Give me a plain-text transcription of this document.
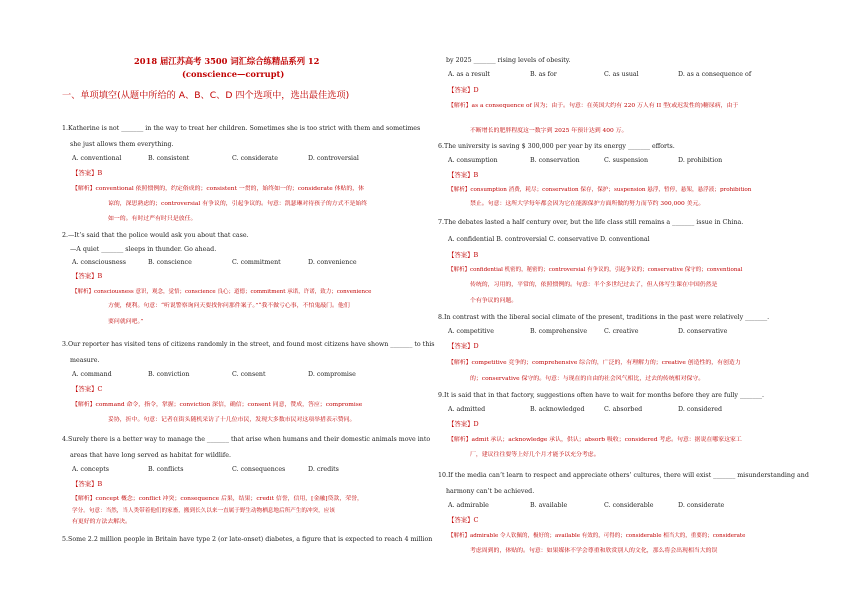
2018 届江苏高考 3500 词汇综合练精品系列 12
(conscience—corrupt)
一、单项填空(从题中所给的 A、B、C、D 四个选项中，选出最佳选项)
1.Katherine is not _______ in the way to treat her children. Sometimes she is too strict with them and sometimes
she just allows them everything.
A. conventional	B. consistent	C. considerate	D. controversial
【答案】B
【解析】conventional 依照惯例的，约定俗成的；consistent 一贯的，始终如一的；considerate 体贴的，体
谅的，深思熟虑的；controversial 有争议的，引起争议的。句意：凯瑟琳对待孩子的方式不是始终
如一的。有时过严有时只是放任。
2.—It’s said that the police would ask you about that case.
—A quiet _______ sleeps in thunder. Go ahead.
A. consciousness	B. conscience	C. commitment	D. convenience
【答案】B
【解析】consciousness 意识，观念，觉悟；conscience 良心；道德；commitment 承诺，许诺，致力；convenience
方便，便利。句意：“听说警察询问天要找你问那件案子。”“我不做亏心事，不怕鬼敲门。他们
要问就问吧。”
3.Our reporter has visited tens of citizens randomly in the street, and found most citizens have shown _______ to this
measure.
A. command	B. conviction	C. consent	D. compromise
【答案】C
【解析】command 命令，指令，掌握；conviction 深信，确信；consent 同意，赞成，答应；compromise
妥协，折中。句意：记者在街头随机采访了十几位市民，发现大多数市民对这项举措表示赞同。
4.Surely there is a better way to manage the _______ that arise when humans and their domestic animals move into
areas that have long served as habitat for wildlife.
A. concepts	B. conflicts	C. consequences	D. credits
【答案】B
【解析】concept 概念；conflict 冲突；consequence 后果，结果；credit 信誉，信用，[金融]贷款，荣誉，
学分。句意：当然，当人类带着他们的家畜，搬到长久以来一直属于野生动物栖息地后所产生的冲突，应该
有更好的方法去解决。
5.Some 2.2 million people in Britain have type 2 (or late-onset) diabetes, a figure that is expected to reach 4 million
by 2025 _______ rising levels of obesity.
A. as a result	B. as for	C. as usual	D. as a consequence of
【答案】D
【解析】as a consequence of 因为；由于。句意：在英国大约有 220 万人有 II 型(或迟发性的)糖尿病，由于
不断增长的肥胖程度这一数字到 2025 年预计达到 400 万。
6.The university is saving $ 300,000 per year by its energy _______ efforts.
A. consumption	B. conservation	C. suspension	D. prohibition
【答案】B
【解析】consumption 消费，耗尽；conservation 保存，保护；suspension 悬浮，暂停，悬架，悬浮液；prohibition
禁止。句意：这所大学每年都会因为它在能源保护方面所做的努力而节约 300,000 美元。
7.The debates lasted a half century over, but the life class still remains a _______ issue in China.
A. confidential B. controversial C. conservative D. conventional
【答案】B
【解析】confidential 机密的，秘密的；controversial 有争议的，引起争议的；conservative 保守的；conventional
传统的，习用的，平常的，依照惯例的。句意：半个多世纪过去了，但人体写生课在中国仍然是
个有争议的问题。
8.In contrast with the liberal social climate of the present, traditions in the past were relatively _______.
A. competitive	B. comprehensive	C. creative	D. conservative
【答案】D
【解析】competitive 竞争的；comprehensive 综合的，广泛的，有理解力的；creative 创造性的，有创造力
的；conservative 保守的。句意：与现在的自由的社会风气相比，过去的传统相对保守。
9.It is said that in that factory, suggestions often have to wait for months before they are fully _______.
A. admitted	B. acknowledged	C. absorbed	D. considered
【答案】D
【解析】admit 承认；acknowledge 承认，供认；absorb 吸收；considered 考虑。句意：据说在哪家这家工
厂，建议往往要等上好几个月才能予以充分考虑。
10.If the media can’t learn to respect and appreciate others’ cultures, there will exist _______ misunderstanding and
harmony can’t be achieved.
A. admirable	B. available	C. considerable	D. considerate
【答案】C
【解析】admirable 令人钦佩的，极好的；available 有效的，可得的；considerable 相当大的，重要的；considerate
考虑周到的，体贴的。句意：如果媒体不学会尊重和欣赏别人的文化，那么将会出现相当大的误
